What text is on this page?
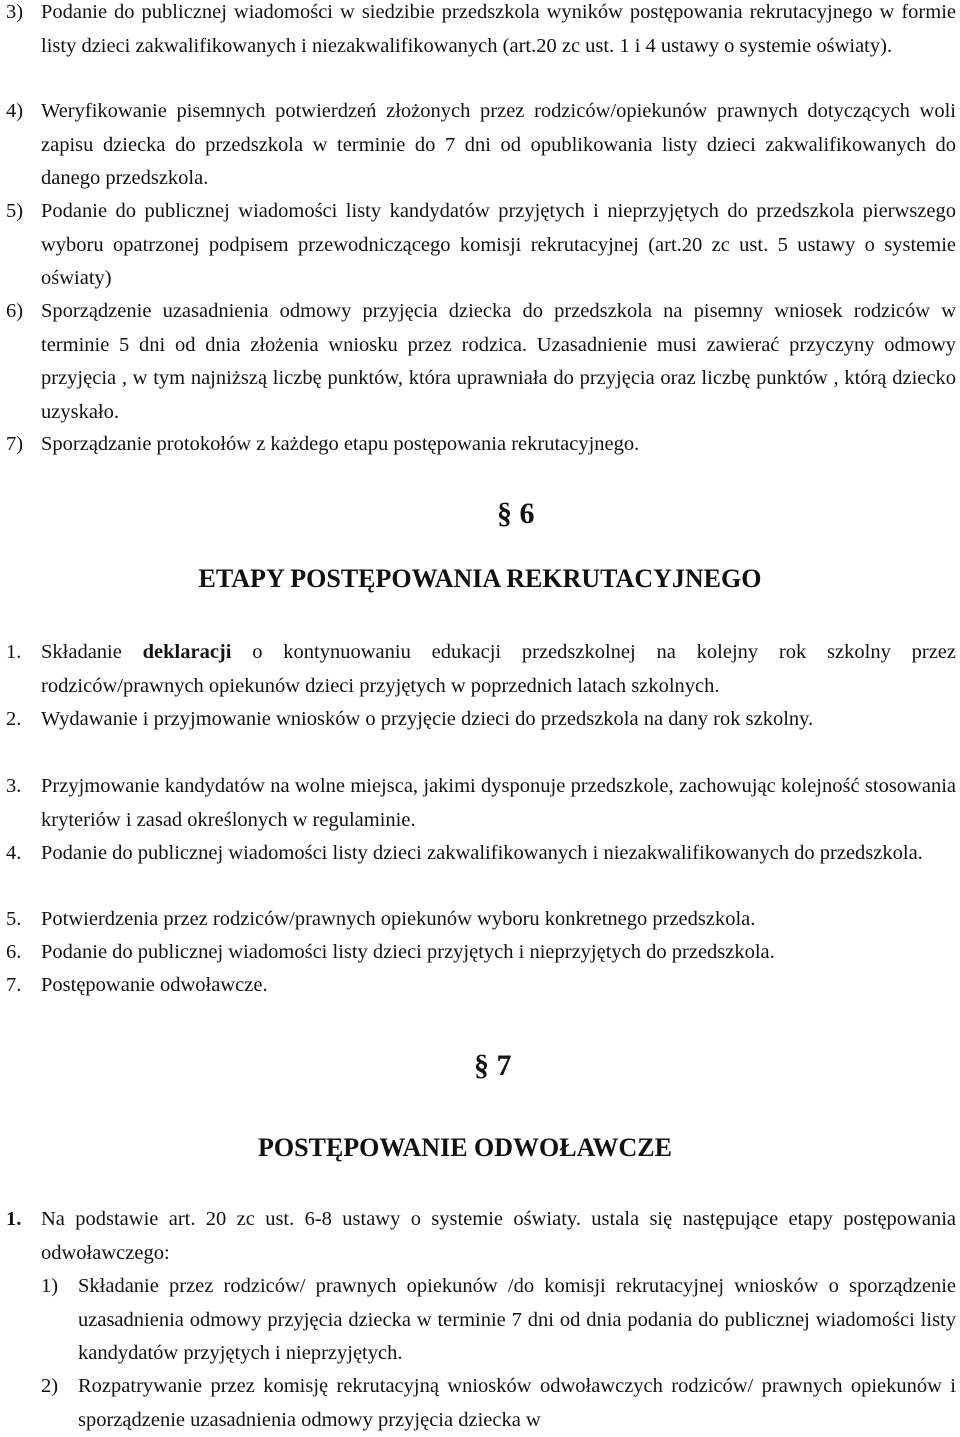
3) Podanie do publicznej wiadomości w siedzibie przedszkola wyników postępowania rekrutacyjnego w formie listy dzieci zakwalifikowanych i niezakwalifikowanych (art.20 zc ust. 1 i 4 ustawy o systemie oświaty).
4) Weryfikowanie pisemnych potwierdzeń złożonych przez rodziców/opiekunów prawnych dotyczących woli zapisu dziecka do przedszkola w terminie do 7 dni od opublikowania listy dzieci zakwalifikowanych do danego przedszkola.
5) Podanie do publicznej wiadomości listy kandydatów przyjętych i nieprzyjętych do przedszkola pierwszego wyboru opatrzonej podpisem przewodniczącego komisji rekrutacyjnej (art.20 zc ust. 5 ustawy o systemie oświaty)
6) Sporządzenie uzasadnienia odmowy przyjęcia dziecka do przedszkola na pisemny wniosek rodziców w terminie 5 dni od dnia złożenia wniosku przez rodzica. Uzasadnienie musi zawierać przyczyny odmowy przyjęcia , w tym najniższą liczbę punktów, która uprawniała do przyjęcia oraz liczbę punktów , którą dziecko uzyskało.
7) Sporządzanie protokołów z każdego etapu postępowania rekrutacyjnego.
§ 6
ETAPY POSTĘPOWANIA REKRUTACYJNEGO
1. Składanie deklaracji o kontynuowaniu edukacji przedszkolnej na kolejny rok szkolny przez rodziców/prawnych opiekunów dzieci przyjętych w poprzednich latach szkolnych.
2. Wydawanie i przyjmowanie wniosków o przyjęcie dzieci do przedszkola na dany rok szkolny.
3. Przyjmowanie kandydatów na wolne miejsca, jakimi dysponuje przedszkole, zachowując kolejność stosowania kryteriów i zasad określonych w regulaminie.
4. Podanie do publicznej wiadomości listy dzieci zakwalifikowanych i niezakwalifikowanych do przedszkola.
5. Potwierdzenia przez rodziców/prawnych opiekunów wyboru konkretnego przedszkola.
6. Podanie do publicznej wiadomości listy dzieci przyjętych i nieprzyjętych do przedszkola.
7. Postępowanie odwoławcze.
§ 7
POSTĘPOWANIE ODWOŁAWCZE
1. Na podstawie art. 20 zc ust. 6-8 ustawy o systemie oświaty. ustala się następujące etapy postępowania odwoławczego:
1) Składanie przez rodziców/ prawnych opiekunów /do komisji rekrutacyjnej wniosków o sporządzenie uzasadnienia odmowy przyjęcia dziecka w terminie 7 dni od dnia podania do publicznej wiadomości listy kandydatów przyjętych i nieprzyjętych.
2) Rozpatrywanie przez komisję rekrutacyjną wniosków odwoławczych rodziców/ prawnych opiekunów i sporządzenie uzasadnienia odmowy przyjęcia dziecka w
